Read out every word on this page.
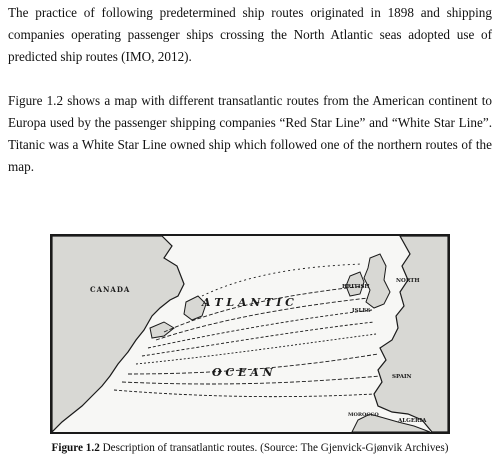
The practice of following predetermined ship routes originated in 1898 and shipping companies operating passenger ships crossing the North Atlantic seas adopted use of predicted ship routes (IMO, 2012).

Figure 1.2 shows a map with different transatlantic routes from the American continent to Europa used by the passenger shipping companies “Red Star Line” and “White Star Line”. Titanic was a White Star Line owned ship which followed one of the northern routes of the map.

CANADA
A T L A N T I C
O C E A N
BRITISH
ISLES
NORTH
SPAIN
ALGERIA
MOROCCO

Figure 1.2 Description of transatlantic routes. (Source: The Gjenvick-Gjønvik Archives)
